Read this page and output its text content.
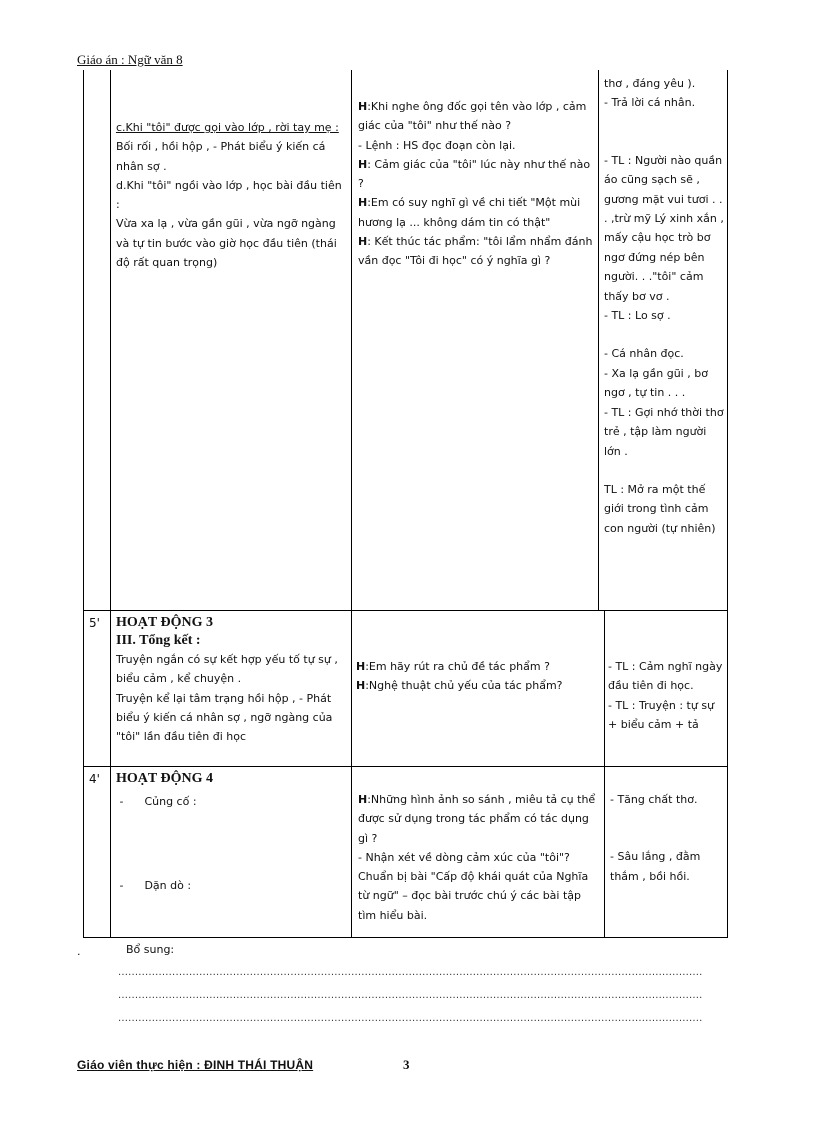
Giáo án : Ngữ văn 8

c.Khi "tôi" được gọi vào lớp , rời tay mẹ :

Bối rối , hồi hộp , - Phát biểu ý kiến cá nhân sợ .

d.Khi "tôi" ngồi vào lớp , học bài đầu tiên :

Vừa xa lạ , vừa gần gũi , vừa ngỡ ngàng và tự tin bước vào giờ học đầu tiên (thái độ rất quan trọng)

H:Khi nghe ông đốc gọi tên vào lớp , cảm giác của "tôi" như thế nào ?

- Lệnh : HS đọc đoạn còn lại.

H: Cảm giác của "tôi" lúc này như thế nào ?

H:Em có suy nghĩ gì về chi tiết "Một mùi hương lạ ... không dám tin có thật"

H: Kết thúc tác phẩm: "tôi lẩm nhẩm đánh vần đọc "Tôi đi học" có ý nghĩa gì ?

thơ , đáng yêu ).

- Trả lời cá nhân.

- TL : Người nào quần áo cũng sạch sẽ , gương mặt vui tươi . . . ,trừ mỹ Lý xinh xắn , mấy cậu học trò bơ ngơ đứng nép bên người. . ."tôi" cảm thấy bơ vơ .

- TL : Lo sợ .

- Cá nhân đọc.

- Xa lạ gần gũi , bơ ngơ , tự tin . . .

- TL : Gợi nhớ thời thơ trẻ , tập làm người lớn .

TL : Mở ra một thế giới trong tình cảm con người (tự nhiên)

5' HOẠT ĐỘNG 3
III. Tổng kết :

Truyện ngắn có sự kết hợp yếu tố tự sự , biểu cảm , kể chuyện .

Truyện kể lại tâm trạng hồi hộp , - Phát biểu ý kiến cá nhân sợ , ngỡ ngàng của "tôi" lần đầu tiên đi học

H:Em hãy rút ra chủ đề tác phẩm ?

H:Nghệ thuật chủ yếu của tác phẩm?

- TL : Cảm nghĩ ngày đầu tiên đi học.

- TL : Truyện : tự sự + biểu cảm + tả

4' HOẠT ĐỘNG 4

-      Củng cố :

-      Dặn dò :

H:Những hình ảnh so sánh , miêu tả cụ thể được sử dụng trong tác phẩm có tác dụng gì ?

- Nhận xét về dòng cảm xúc của "tôi"? Chuẩn bị bài "Cấp độ khái quát của Nghĩa từ ngữ" – đọc bài trước chú ý các bài tập tìm hiểu bài.

- Tăng chất thơ.

- Sâu lắng , đằm thắm , bồi hồi.

.	Bổ sung:
.............................................................................................................................................................................
.............................................................................................................................................................................
.............................................................................................................................................................................
Giáo viên thực hiện : ĐINH THÁI THUẬN	3
